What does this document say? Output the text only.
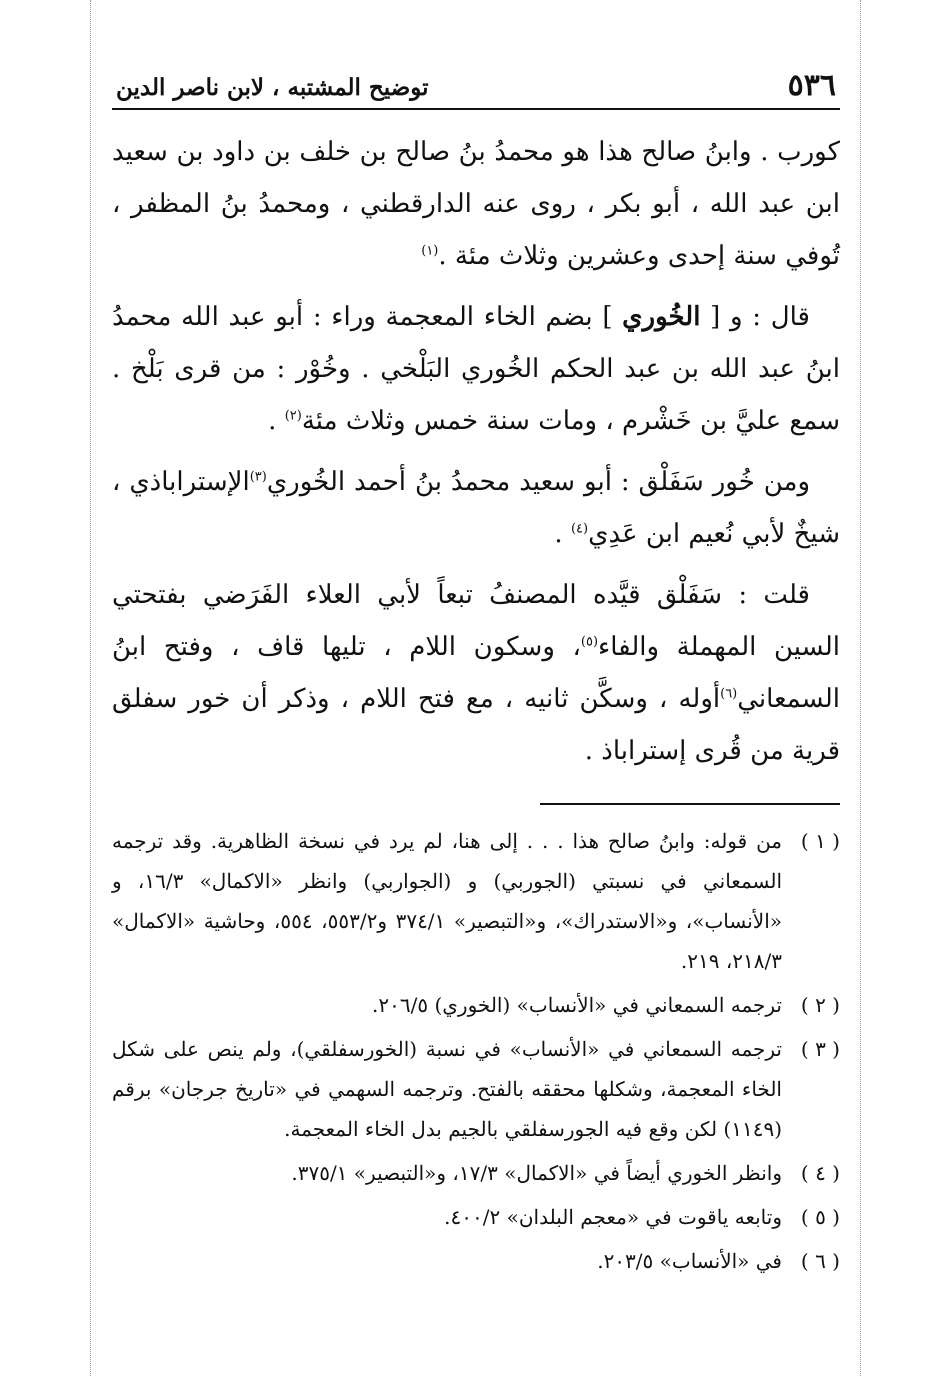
٥٣٦
توضيح المشتبه ، لابن ناصر الدين

كورب . وابنُ صالح هذا هو محمدُ بنُ صالح بن خلف بن داود بن سعيد ابن عبد الله ، أبو بكر ، روى عنه الدارقطني ، ومحمدُ بنُ المظفر ، تُوفي سنة إحدى وعشرين وثلاث مئة .$^{(١)}$

قال : و [ الخُوري ] بضم الخاء المعجمة وراء : أبو عبد الله محمدُ ابنُ عبد الله بن عبد الحكم الخُوري البَلْخي . وخُوْر : من قرى بَلْخ . سمع عليَّ بن خَشْرم ، ومات سنة خمس وثلاث مئة$^{(٢)}$ .

ومن خُور سَفَلْق : أبو سعيد محمدُ بنُ أحمد الخُوري$^{(٣)}$الإستراباذي ، شيخٌ لأبي نُعيم ابن عَدِي$^{(٤)}$ .

قلت : سَفَلْق قيَّده المصنفُ تبعاً لأبي العلاء الفَرَضي بفتحتي السين المهملة والفاء$^{(٥)}$، وسكون اللام ، تليها قاف ، وفتح ابنُ السمعاني$^{(٦)}$أوله ، وسكَّن ثانيه ، مع فتح اللام ، وذكر أن خور سفلق قرية من قُرى إستراباذ .

( ١ )
من قوله: وابنُ صالح هذا . . . إلى هنا، لم يرد في نسخة الظاهرية. وقد ترجمه السمعاني في نسبتي (الجوربي) و (الجواربي) وانظر «الاكمال» ١٦/٣، و «الأنساب»، و«الاستدراك»، و«التبصير» ٣٧٤/١ و٥٥٣/٢، ٥٥٤، وحاشية «الاكمال» ٢١٨/٣، ٢١٩.
( ٢ )
ترجمه السمعاني في «الأنساب» (الخوري) ٢٠٦/٥.
( ٣ )
ترجمه السمعاني في «الأنساب» في نسبة (الخورسفلقي)، ولم ينص على شكل الخاء المعجمة، وشكلها محققه بالفتح. وترجمه السهمي في «تاريخ جرجان» برقم (١١٤٩) لكن وقع فيه الجورسفلقي بالجيم بدل الخاء المعجمة.
( ٤ )
وانظر الخوري أيضاً في «الاكمال» ١٧/٣، و«التبصير» ٣٧٥/١.
( ٥ )
وتابعه ياقوت في «معجم البلدان» ٤٠٠/٢.
( ٦ )
في «الأنساب» ٢٠٣/٥.
